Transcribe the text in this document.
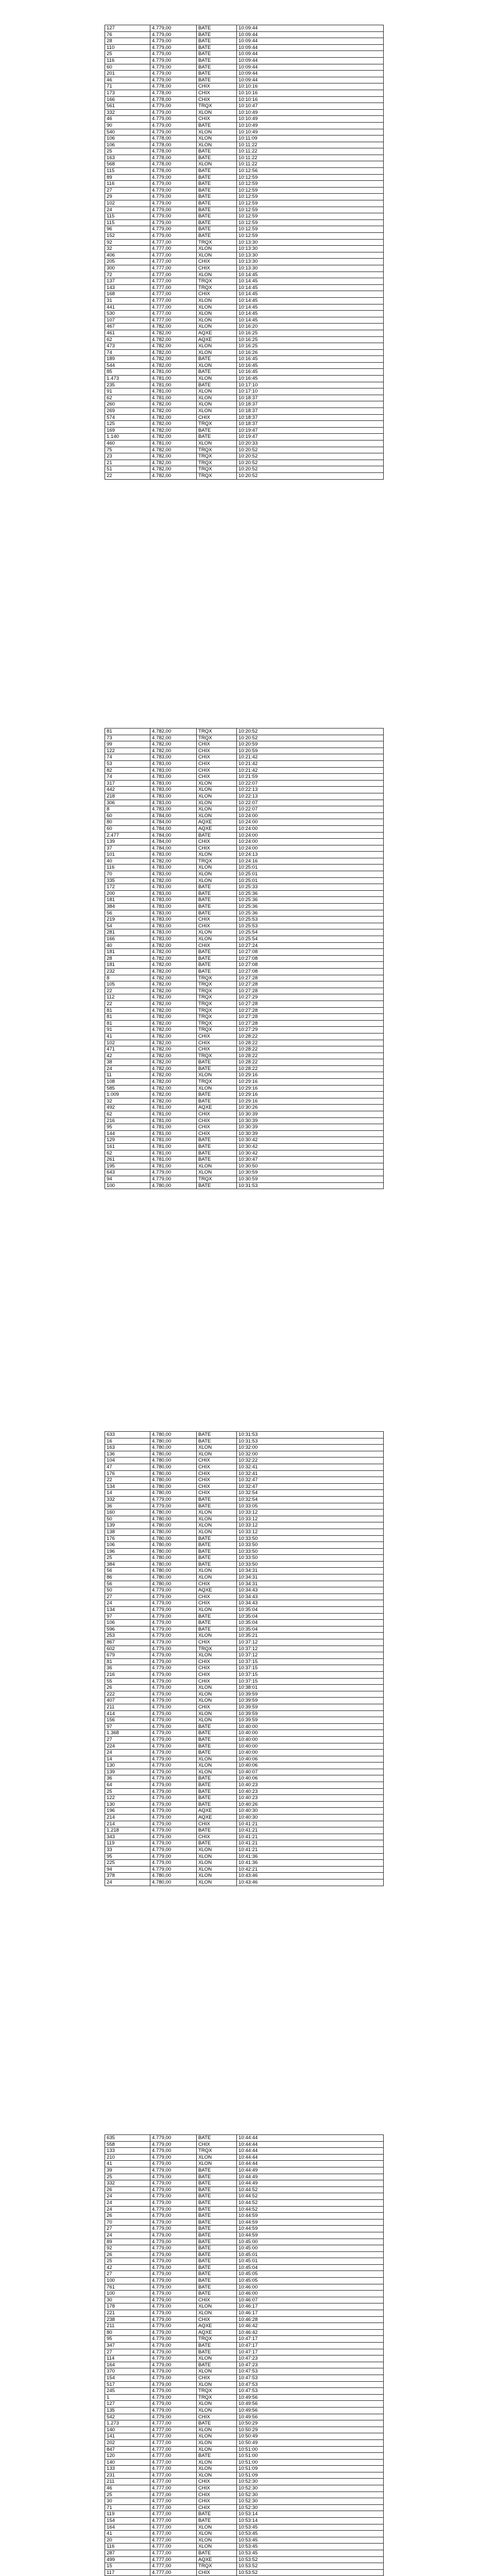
127	4.779,00	BATE	10:09:44
76	4.779,00	BATE	10:09:44
28	4.779,00	BATE	10:09:44
110	4.779,00	BATE	10:09:44
25	4.779,00	BATE	10:09:44
116	4.779,00	BATE	10:09:44
60	4.779,00	BATE	10:09:44
201	4.779,00	BATE	10:09:44
46	4.779,00	BATE	10:09:44
71	4.778,00	CHIX	10:10:16
173	4.778,00	CHIX	10:10:16
166	4.778,00	CHIX	10:10:16
561	4.779,00	TRQX	10:10:47
332	4.779,00	XLON	10:10:49
46	4.779,00	CHIX	10:10:49
90	4.779,00	BATE	10:10:49
540	4.779,00	XLON	10:10:49
106	4.778,00	XLON	10:11:09
106	4.778,00	XLON	10:11:22
25	4.778,00	BATE	10:11:22
163	4.778,00	BATE	10:11:22
568	4.778,00	XLON	10:11:22
115	4.778,00	BATE	10:12:56
89	4.779,00	BATE	10:12:59
116	4.779,00	BATE	10:12:59
27	4.779,00	BATE	10:12:59
29	4.779,00	BATE	10:12:59
102	4.779,00	BATE	10:12:59
24	4.779,00	BATE	10:12:59
115	4.779,00	BATE	10:12:59
115	4.779,00	BATE	10:12:59
96	4.779,00	BATE	10:12:59
152	4.779,00	BATE	10:12:59
92	4.777,00	TRQX	10:13:30
32	4.777,00	XLON	10:13:30
406	4.777,00	XLON	10:13:30
205	4.777,00	CHIX	10:13:30
300	4.777,00	CHIX	10:13:30
72	4.777,00	XLON	10:14:45
137	4.777,00	TRQX	10:14:45
143	4.777,00	TRQX	10:14:45
168	4.777,00	CHIX	10:14:45
31	4.777,00	XLON	10:14:45
441	4.777,00	XLON	10:14:45
530	4.777,00	XLON	10:14:45
107	4.777,00	XLON	10:14:45
467	4.782,00	XLON	10:16:20
461	4.782,00	AQXE	10:16:25
62	4.782,00	AQXE	10:16:25
473	4.782,00	XLON	10:16:25
74	4.782,00	XLON	10:16:26
189	4.782,00	BATE	10:16:45
544	4.782,00	XLON	10:16:45
85	4.781,00	BATE	10:16:45
1.473	4.781,00	XLON	10:16:45
235	4.781,00	BATE	10:17:10
91	4.781,00	XLON	10:17:10
62	4.781,00	XLON	10:18:37
260	4.782,00	XLON	10:18:37
269	4.782,00	XLON	10:18:37
574	4.782,00	CHIX	10:18:37
125	4.782,00	TRQX	10:18:37
169	4.782,00	BATE	10:19:47
1.140	4.782,00	BATE	10:19:47
460	4.781,00	XLON	10:20:33
75	4.782,00	TRQX	10:20:52
23	4.782,00	TRQX	10:20:52
21	4.782,00	TRQX	10:20:52
51	4.782,00	TRQX	10:20:52
22	4.782,00	TRQX	10:20:52
81	4.782,00	TRQX	10:20:52
73	4.782,00	TRQX	10:20:52
99	4.782,00	CHIX	10:20:59
122	4.782,00	CHIX	10:20:59
74	4.783,00	CHIX	10:21:42
53	4.783,00	CHIX	10:21:42
82	4.783,00	CHIX	10:21:42
74	4.783,00	CHIX	10:21:59
317	4.783,00	XLON	10:22:07
442	4.783,00	XLON	10:22:13
218	4.783,00	XLON	10:22:13
306	4.783,00	XLON	10:22:07
8	4.783,00	XLON	10:22:07
60	4.784,00	XLON	10:24:00
80	4.784,00	AQXE	10:24:00
60	4.784,00	AQXE	10:24:00
2.477	4.784,00	BATE	10:24:00
139	4.784,00	CHIX	10:24:00
37	4.784,00	CHIX	10:24:00
101	4.783,00	XLON	10:24:13
40	4.782,00	TRQX	10:24:16
116	4.783,00	XLON	10:25:01
70	4.783,00	XLON	10:25:01
335	4.782,00	XLON	10:25:01
172	4.783,00	BATE	10:25:33
200	4.783,00	BATE	10:25:36
181	4.783,00	BATE	10:25:36
384	4.783,00	BATE	10:25:36
56	4.783,00	BATE	10:25:36
219	4.783,00	CHIX	10:25:53
54	4.783,00	CHIX	10:25:53
281	4.783,00	XLON	10:25:54
166	4.783,00	XLON	10:25:54
40	4.782,00	CHIX	10:27:24
181	4.782,00	BATE	10:27:08
28	4.782,00	BATE	10:27:08
181	4.782,00	BATE	10:27:08
232	4.782,00	BATE	10:27:08
8	4.782,00	TRQX	10:27:28
105	4.782,00	TRQX	10:27:28
22	4.782,00	TRQX	10:27:28
112	4.782,00	TRQX	10:27:29
22	4.782,00	TRQX	10:27:28
81	4.782,00	TRQX	10:27:28
81	4.782,00	TRQX	10:27:28
81	4.782,00	TRQX	10:27:28
91	4.782,00	TRQX	10:27:29
41	4.782,00	CHIX	10:28:22
102	4.782,00	CHIX	10:28:22
471	4.782,00	CHIX	10:28:22
42	4.782,00	TRQX	10:28:22
38	4.782,00	BATE	10:28:22
24	4.782,00	BATE	10:28:22
11	4.782,00	XLON	10:29:16
108	4.782,00	TRQX	10:29:16
585	4.782,00	XLON	10:29:16
1.009	4.782,00	BATE	10:29:16
32	4.782,00	BATE	10:29:16
492	4.781,00	AQXE	10:30:26
62	4.781,00	CHIX	10:30:39
216	4.781,00	CHIX	10:30:39
95	4.781,00	CHIX	10:30:39
144	4.781,00	CHIX	10:30:39
129	4.781,00	BATE	10:30:42
161	4.781,00	BATE	10:30:42
62	4.781,00	BATE	10:30:42
261	4.781,00	BATE	10:30:47
195	4.781,00	XLON	10:30:50
643	4.779,00	XLON	10:30:59
94	4.779,00	TRQX	10:30:59
100	4.780,00	BATE	10:31:53
633	4.780,00	BATE	10:31:53
16	4.780,00	BATE	10:31:53
163	4.780,00	XLON	10:32:00
136	4.780,00	XLON	10:32:00
104	4.780,00	CHIX	10:32:22
47	4.780,00	CHIX	10:32:41
176	4.780,00	CHIX	10:32:41
22	4.780,00	CHIX	10:32:47
134	4.780,00	CHIX	10:32:47
14	4.780,00	CHIX	10:32:54
332	4.779,00	BATE	10:32:54
36	4.779,00	BATE	10:33:05
160	4.780,00	XLON	10:33:12
50	4.780,00	XLON	10:33:12
139	4.780,00	XLON	10:33:12
138	4.780,00	XLON	10:33:12
176	4.780,00	BATE	10:33:50
106	4.780,00	BATE	10:33:50
196	4.780,00	BATE	10:33:50
25	4.780,00	BATE	10:33:50
384	4.780,00	BATE	10:33:50
56	4.780,00	XLON	10:34:31
86	4.780,00	XLON	10:34:31
56	4.780,00	CHIX	10:34:31
50	4.779,00	AQXE	10:34:43
27	4.779,00	CHIX	10:34:43
24	4.779,00	CHIX	10:34:43
134	4.779,00	XLON	10:35:04
97	4.779,00	BATE	10:35:04
106	4.779,00	BATE	10:35:04
596	4.779,00	BATE	10:35:04
253	4.779,00	XLON	10:35:21
867	4.779,00	CHIX	10:37:12
602	4.779,00	TRQX	10:37:12
679	4.779,00	XLON	10:37:12
81	4.779,00	CHIX	10:37:15
36	4.779,00	CHIX	10:37:15
216	4.779,00	CHIX	10:37:15
55	4.779,00	CHIX	10:37:15
26	4.779,00	XLON	10:38:01
222	4.779,00	XLON	10:39:59
407	4.779,00	XLON	10:39:59
211	4.779,00	CHIX	10:39:59
414	4.779,00	XLON	10:39:59
156	4.779,00	XLON	10:39:59
97	4.779,00	BATE	10:40:00
1.368	4.779,00	BATE	10:40:00
27	4.779,00	BATE	10:40:00
224	4.779,00	BATE	10:40:00
24	4.779,00	BATE	10:40:00
14	4.779,00	XLON	10:40:06
130	4.779,00	XLON	10:40:06
139	4.779,00	XLON	10:40:07
36	4.779,00	BATE	10:40:06
64	4.779,00	BATE	10:40:23
25	4.779,00	BATE	10:40:23
122	4.779,00	BATE	10:40:23
130	4.779,00	BATE	10:40:26
196	4.779,00	AQXE	10:40:30
214	4.779,00	AQXE	10:40:30
214	4.779,00	CHIX	10:41:21
1.218	4.779,00	BATE	10:41:21
343	4.779,00	CHIX	10:41:21
119	4.779,00	BATE	10:41:21
33	4.779,00	XLON	10:41:21
95	4.779,00	XLON	10:41:36
225	4.779,00	XLON	10:41:36
94	4.779,00	XLON	10:42:21
378	4.780,00	XLON	10:43:46
24	4.780,00	XLON	10:43:46
635	4.779,00	BATE	10:44:44
558	4.779,00	CHIX	10:44:44
133	4.779,00	TRQX	10:44:44
210	4.779,00	XLON	10:44:44
41	4.779,00	XLON	10:44:44
39	4.779,00	BATE	10:44:49
25	4.779,00	BATE	10:44:49
332	4.779,00	BATE	10:44:49
26	4.779,00	BATE	10:44:52
24	4.779,00	BATE	10:44:52
24	4.779,00	BATE	10:44:52
24	4.779,00	BATE	10:44:52
26	4.779,00	BATE	10:44:59
70	4.779,00	BATE	10:44:59
27	4.779,00	BATE	10:44:59
24	4.779,00	BATE	10:44:59
89	4.779,00	BATE	10:45:00
92	4.779,00	BATE	10:45:00
26	4.779,00	BATE	10:45:01
25	4.779,00	BATE	10:45:01
42	4.779,00	BATE	10:45:04
27	4.779,00	BATE	10:45:05
100	4.779,00	BATE	10:45:05
761	4.779,00	BATE	10:46:00
100	4.779,00	BATE	10:46:00
30	4.779,00	CHIX	10:46:07
178	4.779,00	XLON	10:46:17
221	4.779,00	XLON	10:46:17
238	4.779,00	CHIX	10:46:28
211	4.779,00	AQXE	10:46:42
80	4.779,00	AQXE	10:46:42
95	4.779,00	TRQX	10:47:17
347	4.779,00	BATE	10:47:17
27	4.779,00	BATE	10:47:17
114	4.779,00	XLON	10:47:23
164	4.779,00	BATE	10:47:23
370	4.779,00	XLON	10:47:53
154	4.779,00	CHIX	10:47:53
517	4.779,00	XLON	10:47:53
245	4.779,00	TRQX	10:47:53
1	4.779,00	TRQX	10:49:56
127	4.779,00	XLON	10:49:56
135	4.779,00	XLON	10:49:56
542	4.779,00	CHIX	10:49:56
1.273	4.777,00	BATE	10:50:29
140	4.777,00	XLON	10:50:29
141	4.777,00	XLON	10:50:49
202	4.777,00	XLON	10:50:49
847	4.777,00	XLON	10:51:00
120	4.777,00	BATE	10:51:00
140	4.777,00	XLON	10:51:00
133	4.777,00	XLON	10:51:09
231	4.777,00	XLON	10:51:09
211	4.777,00	CHIX	10:52:30
46	4.777,00	CHIX	10:52:30
25	4.777,00	CHIX	10:52:30
30	4.777,00	CHIX	10:52:30
71	4.777,00	CHIX	10:52:30
119	4.777,00	BATE	10:53:14
154	4.777,00	BATE	10:53:14
164	4.777,00	XLON	10:53:45
41	4.777,00	XLON	10:53:45
20	4.777,00	XLON	10:53:45
116	4.777,00	XLON	10:53:45
287	4.777,00	BATE	10:53:45
499	4.777,00	AQXE	10:53:52
15	4.777,00	TRQX	10:53:52
117	4.777,00	CHIX	10:53:52
